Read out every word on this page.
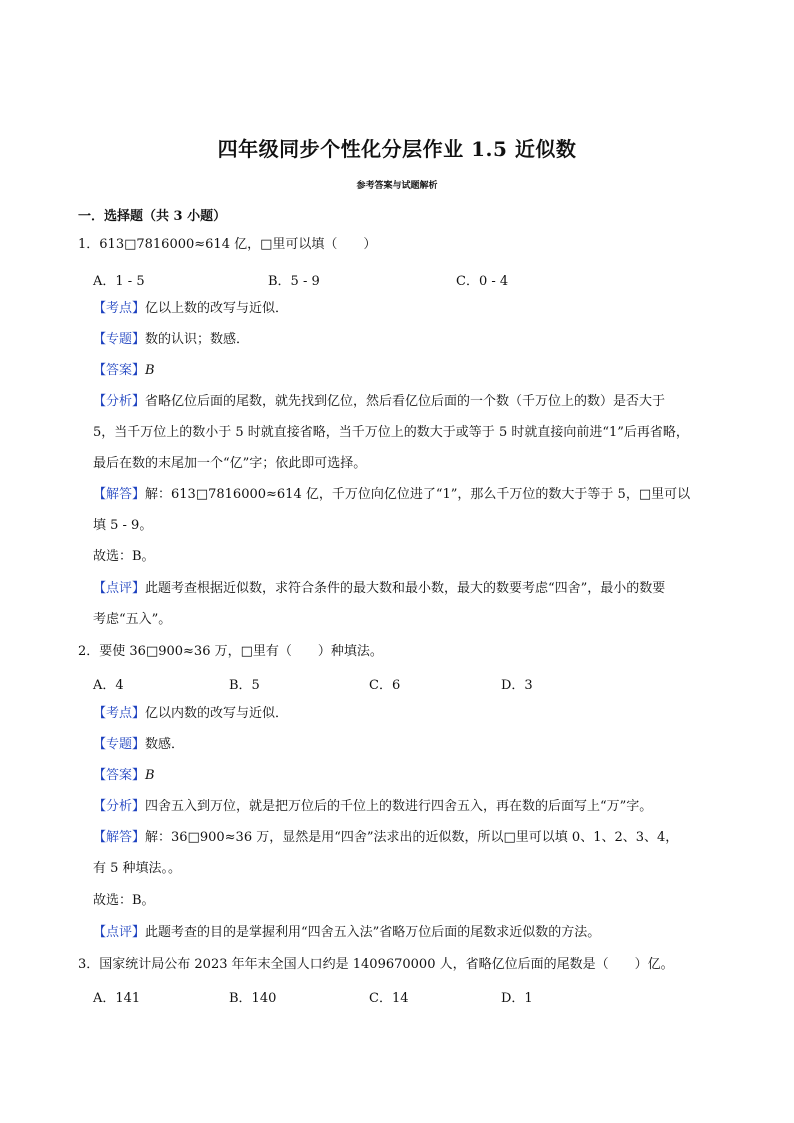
四年级同步个性化分层作业 1.5 近似数
参考答案与试题解析
一．选择题（共 3 小题）
1．613□7816000≈614 亿，□里可以填（　　）
A．1 - 5	B．5 - 9	C．0 - 4
【考点】亿以上数的改写与近似．
【专题】数的认识；数感．
【答案】B
【分析】省略亿位后面的尾数，就先找到亿位，然后看亿位后面的一个数（千万位上的数）是否大于
5，当千万位上的数小于 5 时就直接省略，当千万位上的数大于或等于 5 时就直接向前进“1”后再省略，
最后在数的末尾加一个“亿”字；依此即可选择。
【解答】解：613□7816000≈614 亿，千万位向亿位进了“1”，那么千万位的数大于等于 5，□里可以
填 5 - 9。
故选：B。
【点评】此题考查根据近似数，求符合条件的最大数和最小数，最大的数要考虑“四舍”，最小的数要
考虑“五入”。
2．要使 36□900≈36 万，□里有（　　）种填法。
A．4	B．5	C．6	D．3
【考点】亿以内数的改写与近似．
【专题】数感．
【答案】B
【分析】四舍五入到万位，就是把万位后的千位上的数进行四舍五入，再在数的后面写上“万”字。
【解答】解：36□900≈36 万，显然是用“四舍”法求出的近似数，所以□里可以填 0、1、2、3、4，
有 5 种填法。。
故选：B。
【点评】此题考查的目的是掌握利用“四舍五入法”省略万位后面的尾数求近似数的方法。
3．国家统计局公布 2023 年年末全国人口约是 1409670000 人，省略亿位后面的尾数是（　　）亿。
A．141	B．140	C．14	D．1
